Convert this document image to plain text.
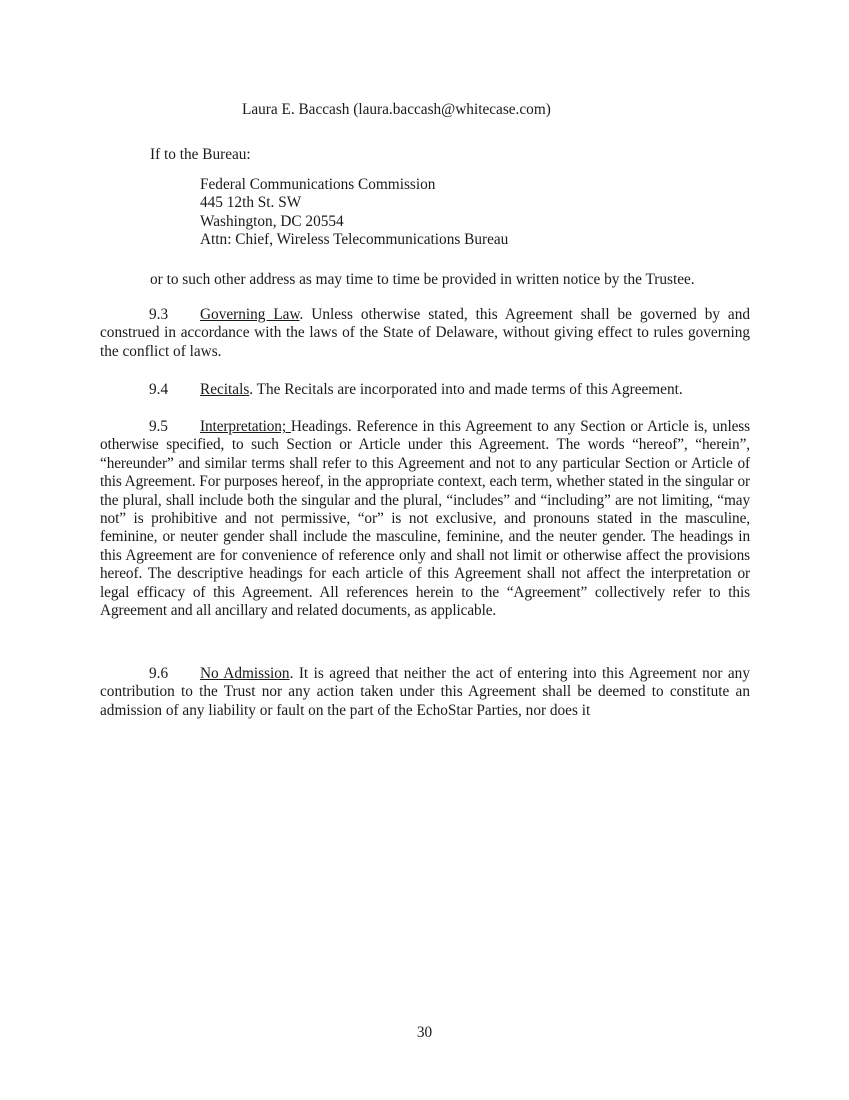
Laura E. Baccash (laura.baccash@whitecase.com)

If to the Bureau:

Federal Communications Commission
445 12th St. SW
Washington, DC 20554
Attn: Chief, Wireless Telecommunications Bureau

or to such other address as may time to time be provided in written notice by the Trustee.

9.3 Governing Law. Unless otherwise stated, this Agreement shall be governed by and construed in accordance with the laws of the State of Delaware, without giving effect to rules governing the conflict of laws.

9.4 Recitals. The Recitals are incorporated into and made terms of this Agreement.

9.5 Interpretation; Headings. Reference in this Agreement to any Section or Article is, unless otherwise specified, to such Section or Article under this Agreement. The words “hereof”, “herein”, “hereunder” and similar terms shall refer to this Agreement and not to any particular Section or Article of this Agreement. For purposes hereof, in the appropriate context, each term, whether stated in the singular or the plural, shall include both the singular and the plural, “includes” and “including” are not limiting, “may not” is prohibitive and not permissive, “or” is not exclusive, and pronouns stated in the masculine, feminine, or neuter gender shall include the masculine, feminine, and the neuter gender. The headings in this Agreement are for convenience of reference only and shall not limit or otherwise affect the provisions hereof. The descriptive headings for each article of this Agreement shall not affect the interpretation or legal efficacy of this Agreement. All references herein to the “Agreement” collectively refer to this Agreement and all ancillary and related documents, as applicable.

9.6 No Admission. It is agreed that neither the act of entering into this Agreement nor any contribution to the Trust nor any action taken under this Agreement shall be deemed to constitute an admission of any liability or fault on the part of the EchoStar Parties, nor does it

30
